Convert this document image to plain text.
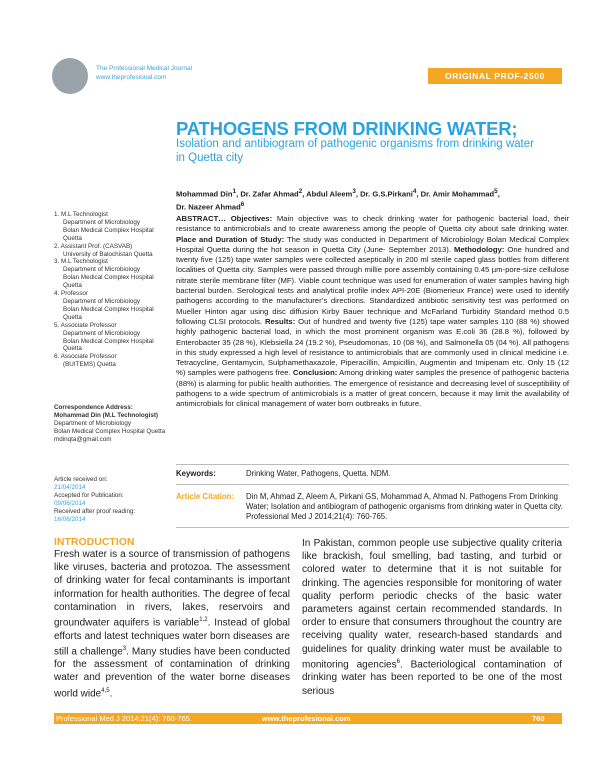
The Professional Medical Journal
www.theprofesional.com	ORIGINAL PROF-2500
PATHOGENS FROM DRINKING WATER;
Isolation and antibiogram of pathogenic organisms from drinking water in Quetta city
Mohammad Din$^1$, Dr. Zafar Ahmad$^2$, Abdul Aleem$^3$, Dr. G.S.Pirkani$^4$, Dr. Amir Mohammad$^5$,
Dr. Nazeer Ahmad$^6$
ABSTRACT… Objectives: Main objective was to check drinking water for pathogenic bacterial load, their resistance to antimicrobials and to create awareness among the people of Quetta city about safe drinking water. Place and Duration of Study: The study was conducted in Department of Microbiology Bolan Medical Complex Hospital Quetta during the hot season in Quetta City (June- September 2013). Methodology: One hundred and twenty five (125) tape water samples were collected aseptically in 200 ml sterile caped glass bottles from different localities of Quetta city. Samples were passed through millie pore assembly containing 0.45 µm-pore-size cellulose nitrate sterile membrane filter (MF). Viable count technique was used for enumeration of water samples having high bacterial burden. Serological tests and analytical profile index API-20E (Biomerieux France) were used to identify pathogens according to the manufacturer’s directions. Standardized antibiotic sensitivity test was performed on Mueller Hinton agar using disc diffusion Kirby Bauer technique and McFarland Turbidity Standard method 0.5 following CLSI protocols. Results: Out of hundred and twenty five (125) tape water samples 110 (88 %) showed highly pathogenic bacterial load, in which the most prominent organism was E.coli 36 (28.8 %), followed by Enterobacter 35 (28 %), Klebsiella 24 (19.2 %), Pseudomonas, 10 (08 %), and Salmonella 05 (04 %). All pathogens in this study expressed a high level of resistance to antimicrobials that are commonly used in clinical medicine i.e. Tetracycline, Gentamycin, Sulphamethaxazole, Piperacillin, Ampicillin, Augmentin and Imipenam etc. Only 15 (12 %) samples were pathogens free. Conclusion: Among drinking water samples the presence of pathogenic bacteria (88%) is alarming for public health authorities. The emergence of resistance and decreasing level of susceptibility of pathogens to a wide spectrum of antimicrobials is a matter of great concern, because it may limit the availability of antimicrobials for clinical management of water born outbreaks in future.
1. M.L Technologist
Department of Microbiology
Bolan Medical Complex Hospital
Quetta
2. Assistant Prof. (CASVAB)
University of Balochistan Quetta
3. M.L Technologist
Department of Microbiology
Bolan Medical Complex Hospital
Quetta
4. Professor
Department of Microbiology
Bolan Medical Complex Hospital
Quetta
5. Associate Professor
Department of Microbiology
Bolan Medical Complex Hospital
Quetta
6. Associate Professor
(BUITEMS) Quetta
Correspondence Address:
Mohammad Din (M.L Technologist)
Department of Microbiology
Bolan Medical Complex Hospital Quetta
mdinqta@gmail.com
Article received on:
21/04/2014
Accepted for Publication:
09/06/2014
Received after proof reading:
16/06/2014
Keywords:	Drinking Water, Pathogens, Quetta. NDM.
Article Citation: Din M, Ahmad Z, Aleem A, Pirkani GS, Mohammad A, Ahmad N. Pathogens From Drinking Water; Isolation and antibiogram of pathogenic organisms from drinking water in Quetta city. Professional Med J 2014;21(4): 760-765.
INTRODUCTION

Fresh water is a source of transmission of pathogens like viruses, bacteria and protozoa. The assessment of drinking water for fecal contaminants is important information for health authorities. The degree of fecal contamination in rivers, lakes, reservoirs and groundwater aquifers is variable$^{1,2}$. Instead of global efforts and latest techniques water born diseases are still a challenge$^3$. Many studies have been conducted for the assessment of contamination of drinking water and prevention of the water borne diseases world wide$^{4,5}$.

In Pakistan, common people use subjective quality criteria like brackish, foul smelling, bad tasting, and turbid or colored water to determine that it is not suitable for drinking. The agencies responsible for monitoring of water quality perform periodic checks of the basic water parameters against certain recommended standards. In order to ensure that consumers throughout the country are receiving quality water, research-based standards and guidelines for quality drinking water must be available to monitoring agencies$^6$. Bacteriological contamination of drinking water has been reported to be one of the most serious

Professional Med J 2014;21(4): 760-765.	www.theprofesional.com	760
